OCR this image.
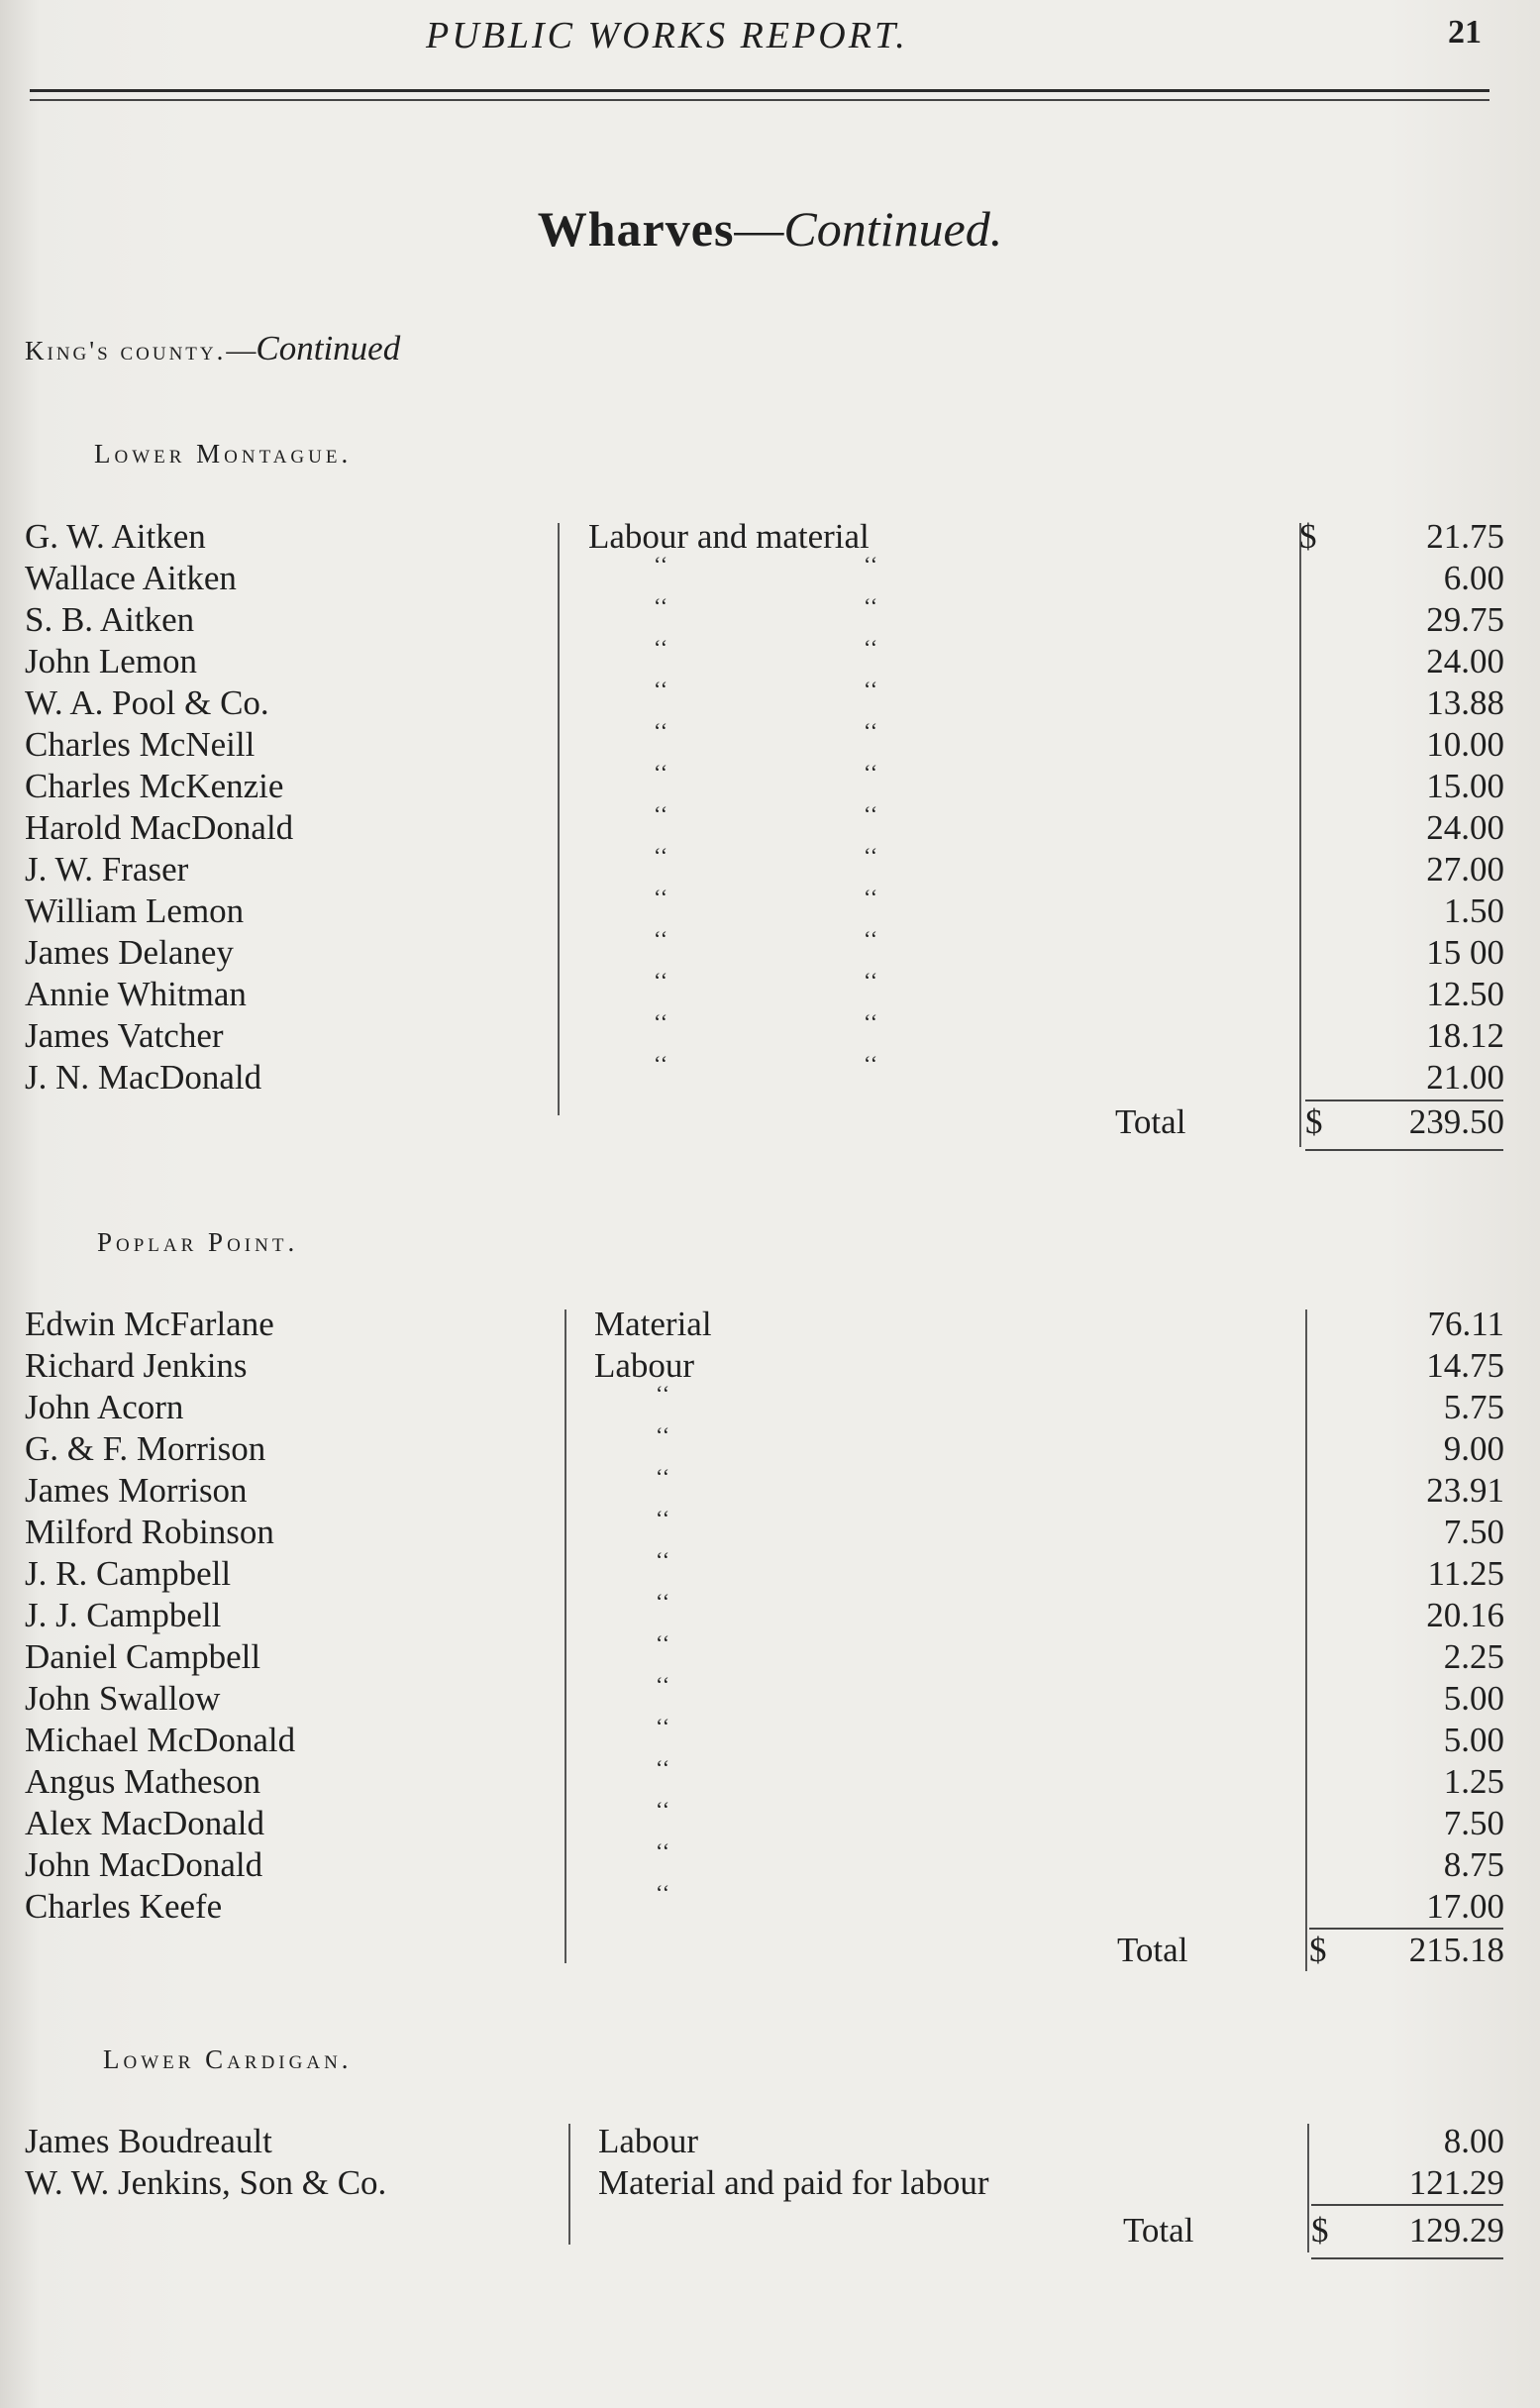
PUBLIC WORKS REPORT.	21
Wharves—Continued.
King's county.—Continued
Lower Montague.
G. W. Aitken	Labour and material	$	21.75
Wallace Aitken	‘‘	‘‘	6.00
S. B. Aitken	‘‘	‘‘	29.75
John Lemon	‘‘	‘‘	24.00
W. A. Pool & Co.	‘‘	‘‘	13.88
Charles McNeill	‘‘	‘‘	10.00
Charles McKenzie	‘‘	‘‘	15.00
Harold MacDonald	‘‘	‘‘	24.00
J. W. Fraser	‘‘	‘‘	27.00
William Lemon	‘‘	‘‘	1.50
James Delaney	‘‘	‘‘	15 00
Annie Whitman	‘‘	‘‘	12.50
James Vatcher	‘‘	‘‘	18.12
J. N. MacDonald	‘‘	‘‘	21.00
Total	$ 239.50
Poplar Point.
Edwin McFarlane	Material	76.11
Richard Jenkins	Labour	14.75
John Acorn	‘‘	5.75
G. & F. Morrison	‘‘	9.00
James Morrison	‘‘	23.91
Milford Robinson	‘‘	7.50
J. R. Campbell	‘‘	11.25
J. J. Campbell	‘‘	20.16
Daniel Campbell	‘‘	2.25
John Swallow	‘‘	5.00
Michael McDonald	‘‘	5.00
Angus Matheson	‘‘	1.25
Alex MacDonald	‘‘	7.50
John MacDonald	‘‘	8.75
Charles Keefe	‘‘	17.00
Total	$ 215.18
Lower Cardigan.
James Boudreault	Labour	8.00
W. W. Jenkins, Son & Co.	Material and paid for labour	121.29
Total	$ 129.29
